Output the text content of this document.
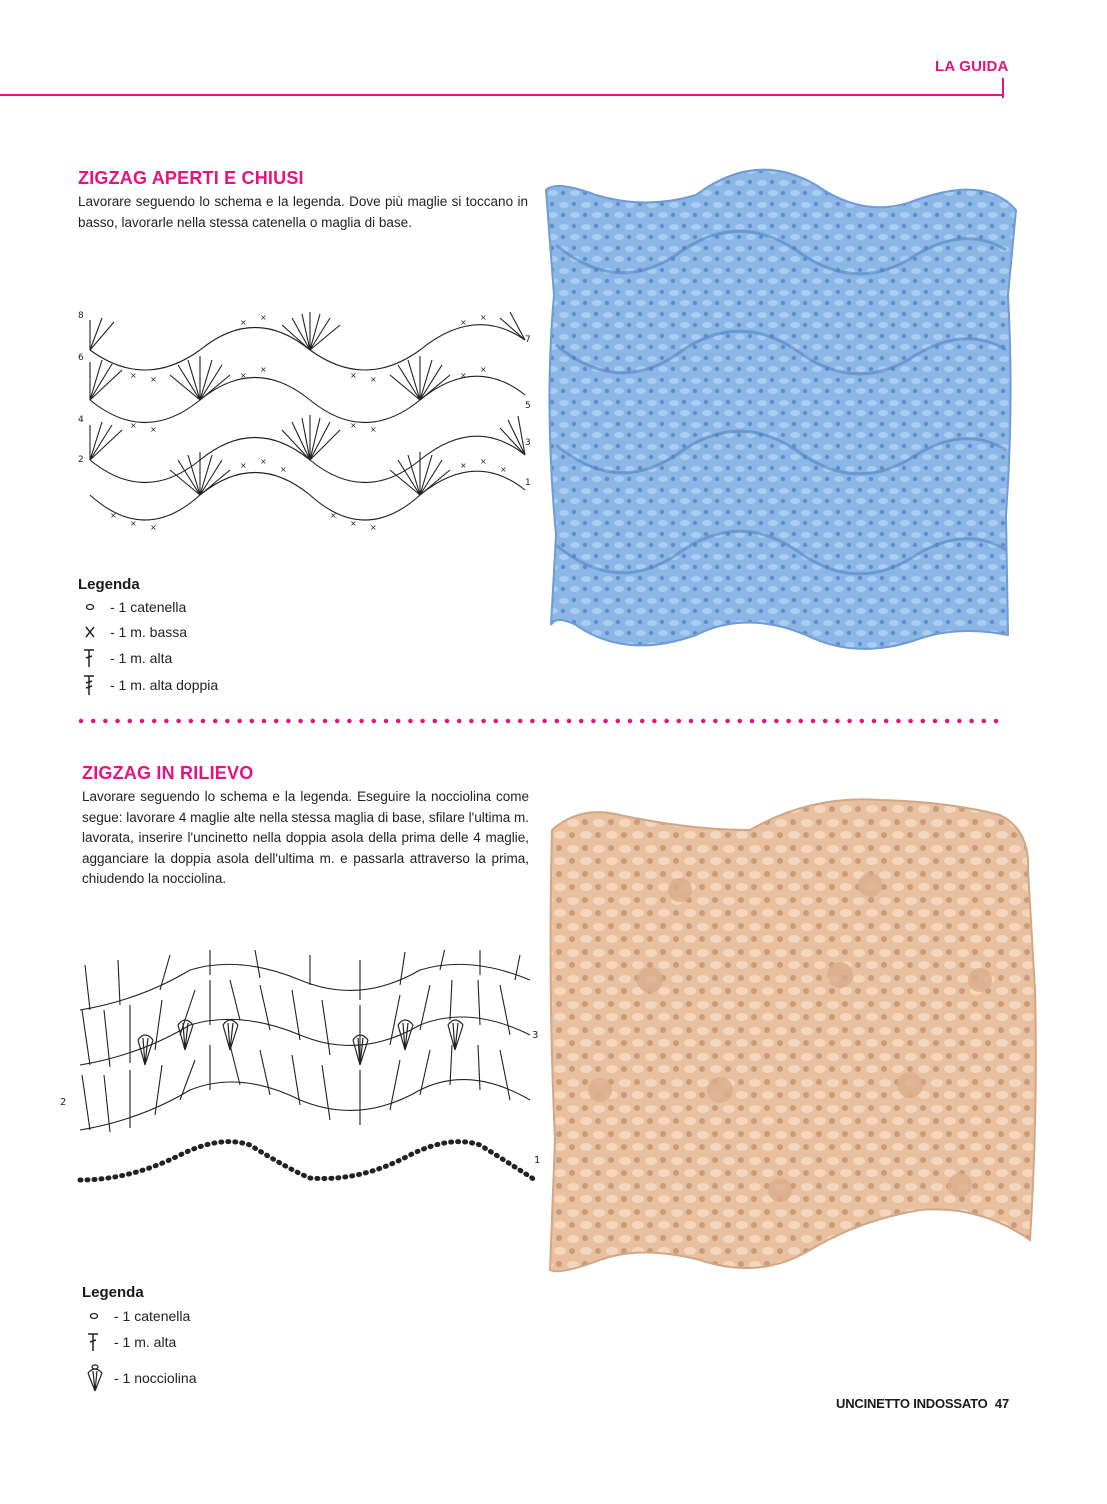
LA GUIDA
ZIGZAG APERTI E CHIUSI
Lavorare seguendo lo schema e la legenda. Dove più maglie si toccano in basso, lavorarle nella stessa catenella o maglia di base.
×
× ×
× ×
×
×
× ×
× ×
×
× ×
×
×
× ×
×
×
× ×	× ×
×
×
×
×
8
6
4
2
7
5
3
1
Legenda
- 1 catenella
- 1 m. bassa
- 1 m. alta
- 1 m. alta doppia
ZIGZAG IN RILIEVO
Lavorare seguendo lo schema e la legenda. Eseguire la nocciolina come segue: lavorare 4 maglie alte nella stessa maglia di base, sfilare l'ultima m. lavorata, inserire l'uncinetto nella doppia asola della prima delle 4 maglie, agganciare la doppia asola dell'ultima m. e passarla attraverso la prima, chiudendo la nocciolina.
2
3
1
Legenda
- 1 catenella
- 1 m. alta
- 1 nocciolina
UNCINETTO INDOSSATO 47
